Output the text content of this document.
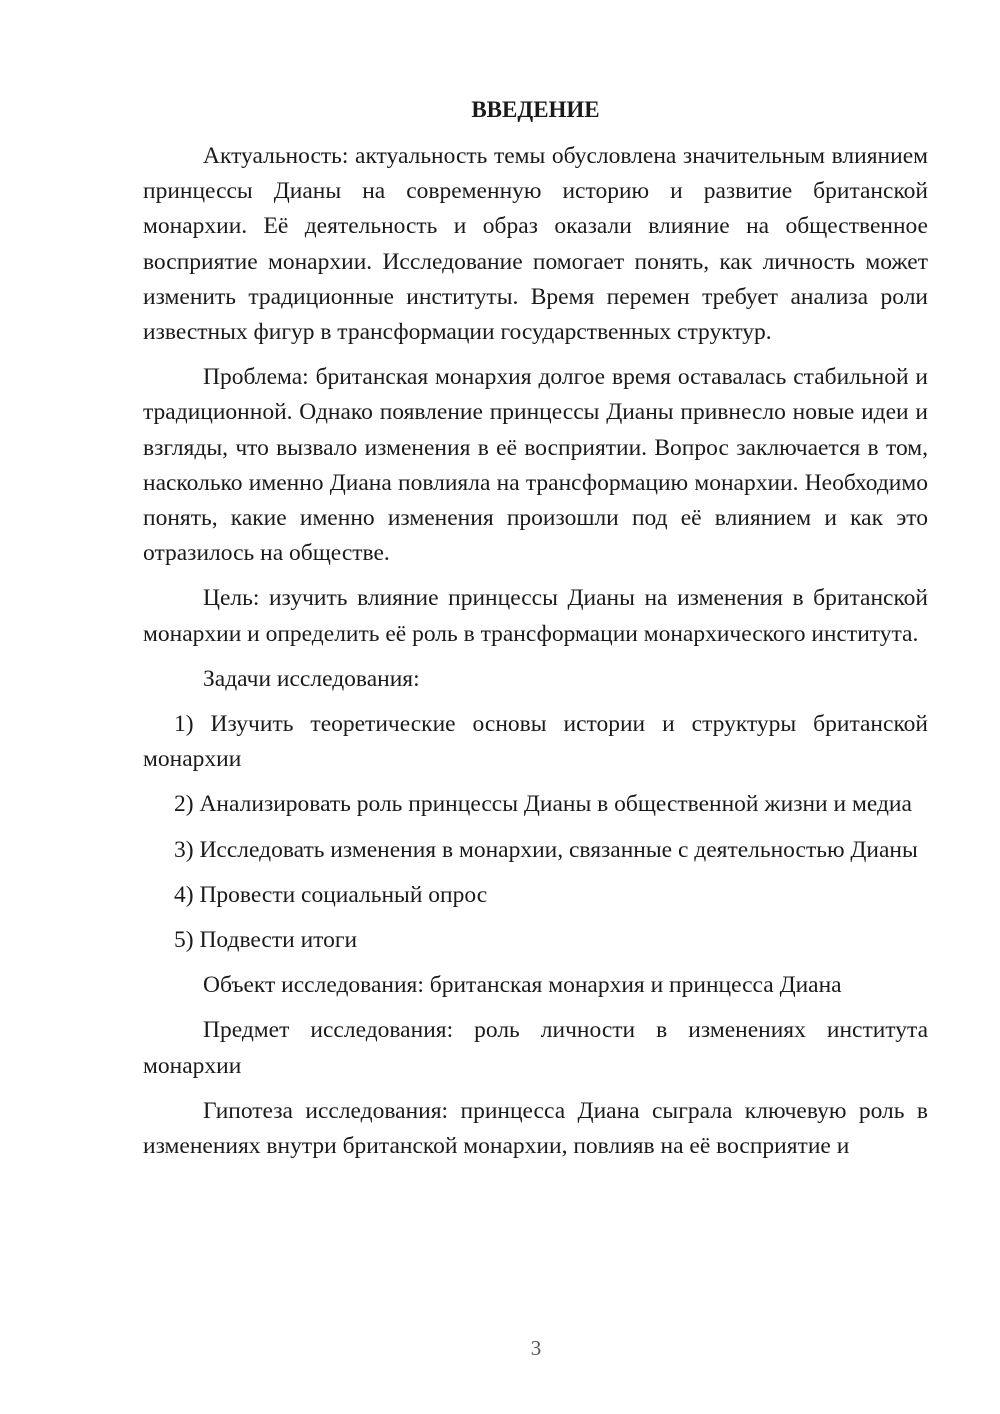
ВВЕДЕНИЕ

Актуальность: актуальность темы обусловлена значительным влиянием принцессы Дианы на современную историю и развитие британской монархии. Её деятельность и образ оказали влияние на общественное восприятие монархии. Исследование помогает понять, как личность может изменить традиционные институты. Время перемен требует анализа роли известных фигур в трансформации государственных структур.

Проблема: британская монархия долгое время оставалась стабильной и традиционной. Однако появление принцессы Дианы привнесло новые идеи и взгляды, что вызвало изменения в её восприятии. Вопрос заключается в том, насколько именно Диана повлияла на трансформацию монархии. Необходимо понять, какие именно изменения произошли под её влиянием и как это отразилось на обществе.

Цель: изучить влияние принцессы Дианы на изменения в британской монархии и определить её роль в трансформации монархического института.

Задачи исследования:

1) Изучить теоретические основы истории и структуры британской монархии

2) Анализировать роль принцессы Дианы в общественной жизни и медиа

3) Исследовать изменения в монархии, связанные с деятельностью Дианы

4) Провести социальный опрос

5) Подвести итоги

Объект исследования: британская монархия и принцесса Диана

Предмет исследования: роль личности в изменениях института монархии

Гипотеза исследования: принцесса Диана сыграла ключевую роль в изменениях внутри британской монархии, повлияв на её восприятие и

3
